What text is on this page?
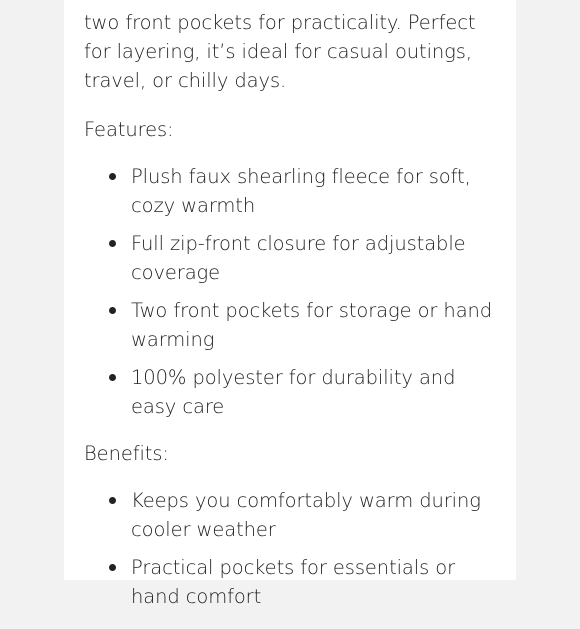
two front pockets for practicality. Perfect for layering, it’s ideal for casual outings, travel, or chilly days.

Features:

Plush faux shearling fleece for soft, cozy warmth
Full zip-front closure for adjustable coverage
Two front pockets for storage or hand warming
100% polyester for durability and easy care

Benefits:

Keeps you comfortably warm during cooler weather
Practical pockets for essentials or hand comfort
